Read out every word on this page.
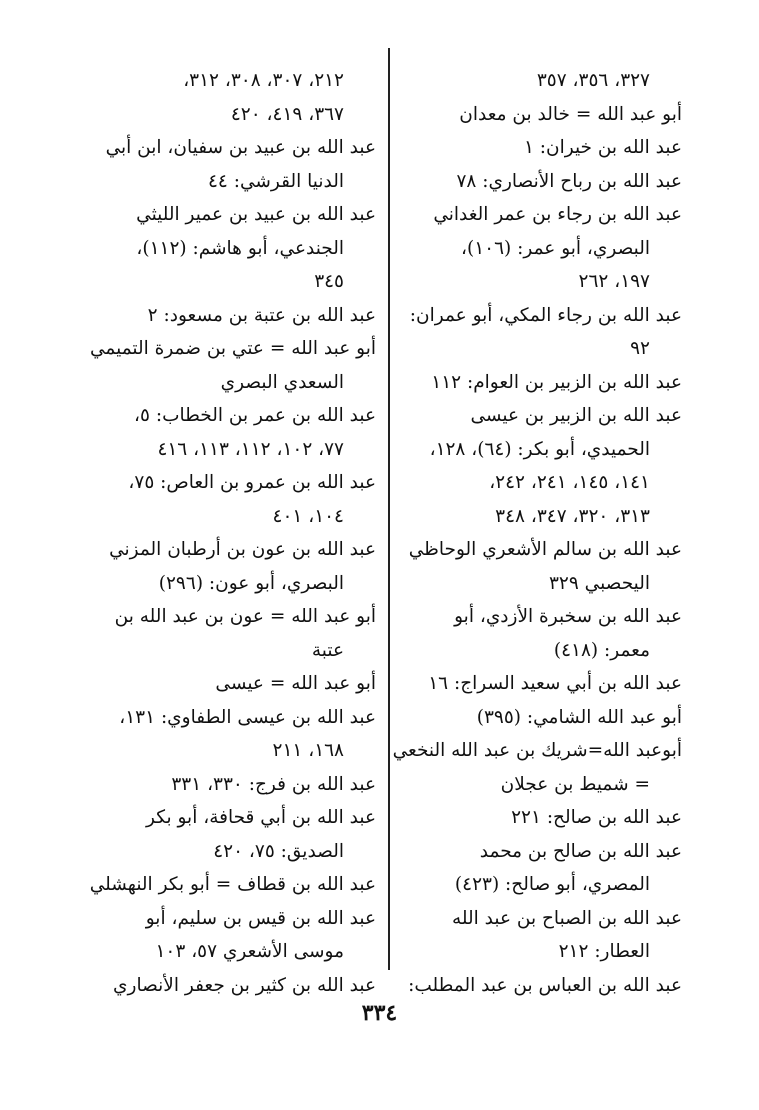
٣٢٧، ٣٥٦، ٣٥٧
أبو عبد الله = خالد بن معدان
عبد الله بن خيران: ١
عبد الله بن رباح الأنصاري: ٧٨
عبد الله بن رجاء بن عمر الغداني
البصري، أبو عمر: (١٠٦)،
١٩٧، ٢٦٢
عبد الله بن رجاء المكي، أبو عمران:
٩٢
عبد الله بن الزبير بن العوام: ١١٢
عبد الله بن الزبير بن عيسى
الحميدي، أبو بكر: (٦٤)، ١٢٨،
١٤١، ١٤٥، ٢٤١، ٢٤٢،
٣١٣، ٣٢٠، ٣٤٧، ٣٤٨
عبد الله بن سالم الأشعري الوحاظي
اليحصبي ٣٢٩
عبد الله بن سخبرة الأزدي، أبو
معمر: (٤١٨)
عبد الله بن أبي سعيد السراج: ١٦
أبو عبد الله الشامي: (٣٩٥)
أبوعبد الله=شريك بن عبد الله النخعي
= شميط بن عجلان
عبد الله بن صالح: ٢٢١
عبد الله بن صالح بن محمد
المصري، أبو صالح: (٤٢٣)
عبد الله بن الصباح بن عبد الله
العطار: ٢١٢
عبد الله بن العباس بن عبد المطلب:
٢١٢، ٣٠٧، ٣٠٨، ٣١٢،
٣٦٧، ٤١٩، ٤٢٠
عبد الله بن عبيد بن سفيان، ابن أبي
الدنيا القرشي: ٤٤
عبد الله بن عبيد بن عمير الليثي
الجندعي، أبو هاشم: (١١٢)،
٣٤٥
عبد الله بن عتبة بن مسعود: ٢
أبو عبد الله = عتي بن ضمرة التميمي
السعدي البصري
عبد الله بن عمر بن الخطاب: ٥،
٧٧، ١٠٢، ١١٢، ١١٣، ٤١٦
عبد الله بن عمرو بن العاص: ٧٥،
١٠٤، ٤٠١
عبد الله بن عون بن أرطبان المزني
البصري، أبو عون: (٢٩٦)
أبو عبد الله = عون بن عبد الله بن
عتبة
أبو عبد الله = عيسى
عبد الله بن عيسى الطفاوي: ١٣١،
١٦٨، ٢١١
عبد الله بن فرج: ٣٣٠، ٣٣١
عبد الله بن أبي قحافة، أبو بكر
الصديق: ٧٥، ٤٢٠
عبد الله بن قطاف = أبو بكر النهشلي
عبد الله بن قيس بن سليم، أبو
موسى الأشعري ٥٧، ١٠٣
عبد الله بن كثير بن جعفر الأنصاري
٣٣٤
